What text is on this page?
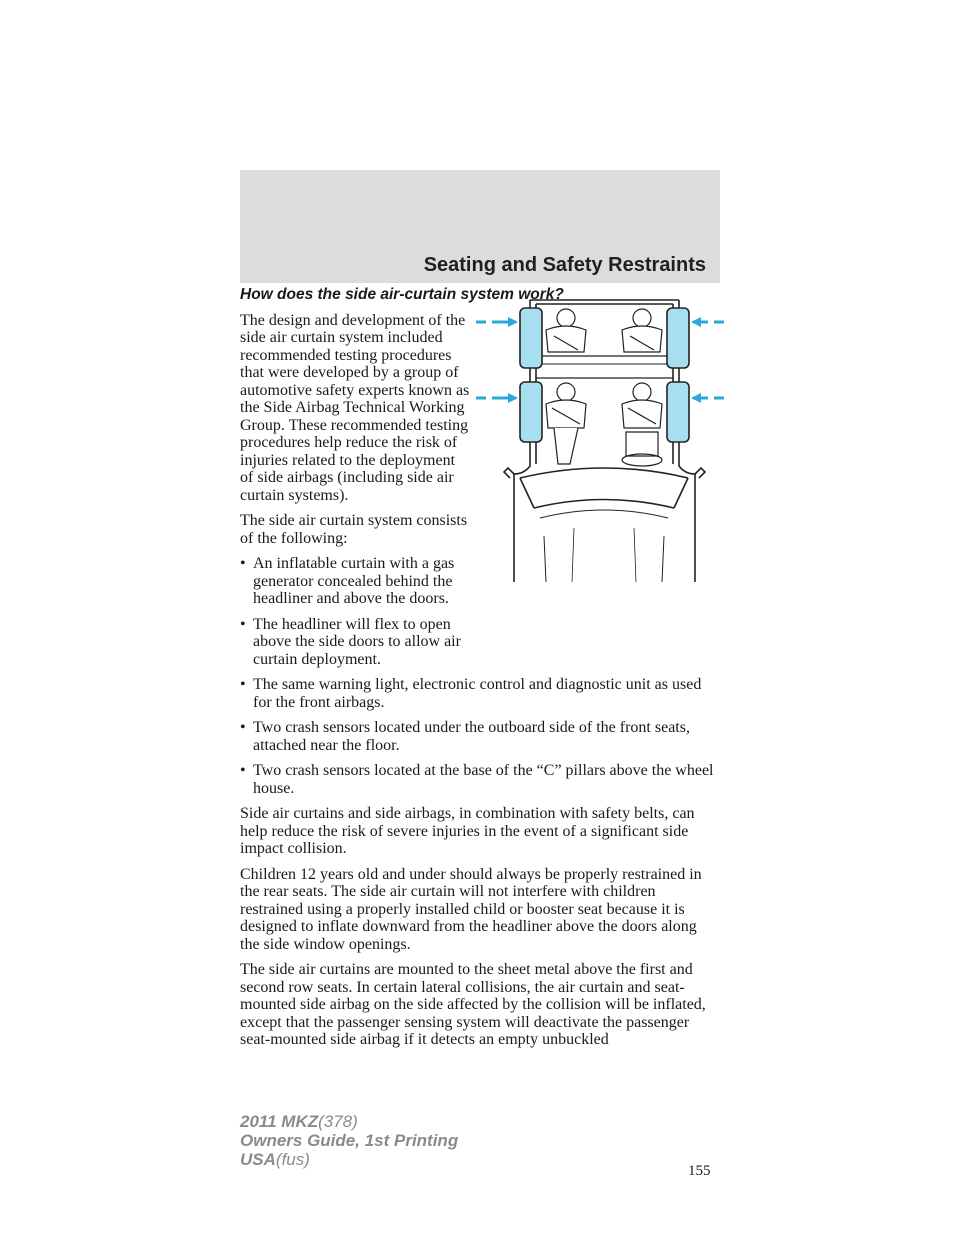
Seating and Safety Restraints
How does the side air-curtain system work?

The design and development of the side air curtain system included recommended testing procedures that were developed by a group of automotive safety experts known as the Side Airbag Technical Working Group. These recommended testing procedures help reduce the risk of injuries related to the deployment of side airbags (including side air curtain systems).

The side air curtain system consists of the following:

• An inflatable curtain with a gas generator concealed behind the headliner and above the doors.
• The headliner will flex to open above the side doors to allow air curtain deployment.
• The same warning light, electronic control and diagnostic unit as used for the front airbags.
• Two crash sensors located under the outboard side of the front seats, attached near the floor.
• Two crash sensors located at the base of the “C” pillars above the wheel house.

Side air curtains and side airbags, in combination with safety belts, can help reduce the risk of severe injuries in the event of a significant side impact collision.

Children 12 years old and under should always be properly restrained in the rear seats. The side air curtain will not interfere with children restrained using a properly installed child or booster seat because it is designed to inflate downward from the headliner above the doors along the side window openings.

The side air curtains are mounted to the sheet metal above the first and second row seats. In certain lateral collisions, the air curtain and seat-mounted side airbag on the side affected by the collision will be inflated, except that the passenger sensing system will deactivate the passenger seat-mounted side airbag if it detects an empty unbuckled

155
2011 MKZ(378)
Owners Guide, 1st Printing
USA(fus)
